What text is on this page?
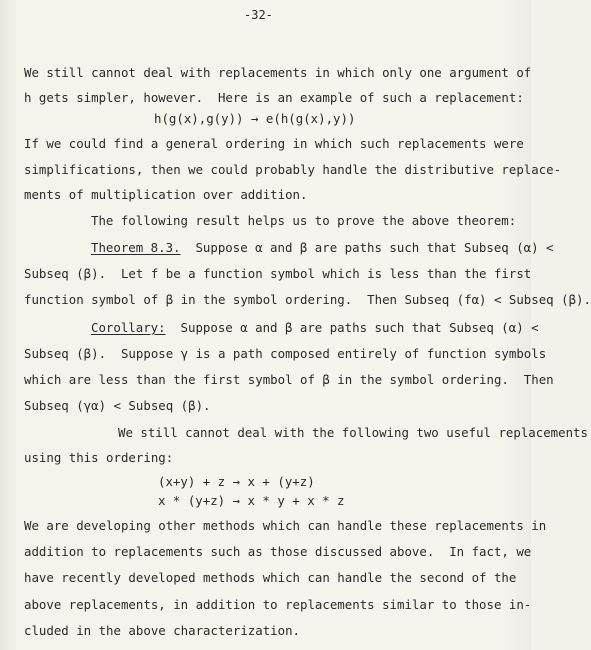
-32-
We still cannot deal with replacements in which only one argument of
h gets simpler, however.  Here is an example of such a replacement:
h(g(x),g(y)) → e(h(g(x),y))
If we could find a general ordering in which such replacements were
simplifications, then we could probably handle the distributive replace-
ments of multiplication over addition.
The following result helps us to prove the above theorem:
Theorem 8.3.  Suppose α and β are paths such that Subseq (α) <
Subseq (β).  Let f be a function symbol which is less than the first
function symbol of β in the symbol ordering.  Then Subseq (fα) < Subseq (β).
Corollary:  Suppose α and β are paths such that Subseq (α) <
Subseq (β).  Suppose γ is a path composed entirely of function symbols
which are less than the first symbol of β in the symbol ordering.  Then
Subseq (γα) < Subseq (β).
We still cannot deal with the following two useful replacements
using this ordering:
(x+y) + z → x + (y+z)
x * (y+z) → x * y + x * z
We are developing other methods which can handle these replacements in
addition to replacements such as those discussed above.  In fact, we
have recently developed methods which can handle the second of the
above replacements, in addition to replacements similar to those in-
cluded in the above characterization.
